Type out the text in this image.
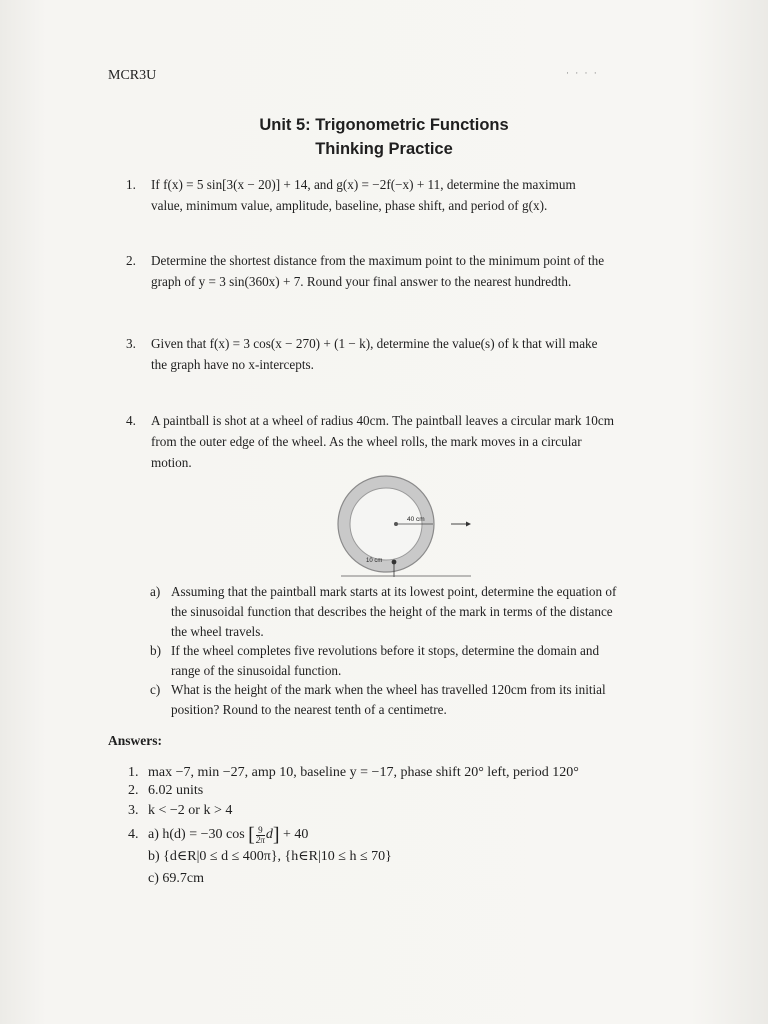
MCR3U	· · · ·
Unit 5: Trigonometric Functions
Thinking Practice
1. If f(x) = 5 sin[3(x − 20)] + 14, and g(x) = −2f(−x) + 11, determine the maximum
value, minimum value, amplitude, baseline, phase shift, and period of g(x).
2. Determine the shortest distance from the maximum point to the minimum point of the
graph of y = 3 sin(360x) + 7. Round your final answer to the nearest hundredth.
3. Given that f(x) = 3 cos(x − 270) + (1 − k), determine the value(s) of k that will make
the graph have no x-intercepts.
4. A paintball is shot at a wheel of radius 40cm. The paintball leaves a circular mark 10cm
from the outer edge of the wheel. As the wheel rolls, the mark moves in a circular
motion.
40 cm
10 cm
a) Assuming that the paintball mark starts at its lowest point, determine the equation of
the sinusoidal function that describes the height of the mark in terms of the distance
the wheel travels.
b) If the wheel completes five revolutions before it stops, determine the domain and
range of the sinusoidal function.
c) What is the height of the mark when the wheel has travelled 120cm from its initial
position? Round to the nearest tenth of a centimetre.
Answers:
1. max −7, min −27, amp 10, baseline y = −17, phase shift 20° left, period 120°
2. 6.02 units
3. k < −2 or k > 4
4. a) h(d) = −30 cos [ $\frac{9}{2\pi} d] + 40$
b) {d∈R|0 ≤ d ≤ 400π}, {h∈R|10 ≤ h ≤ 70}
c) 69.7cm
